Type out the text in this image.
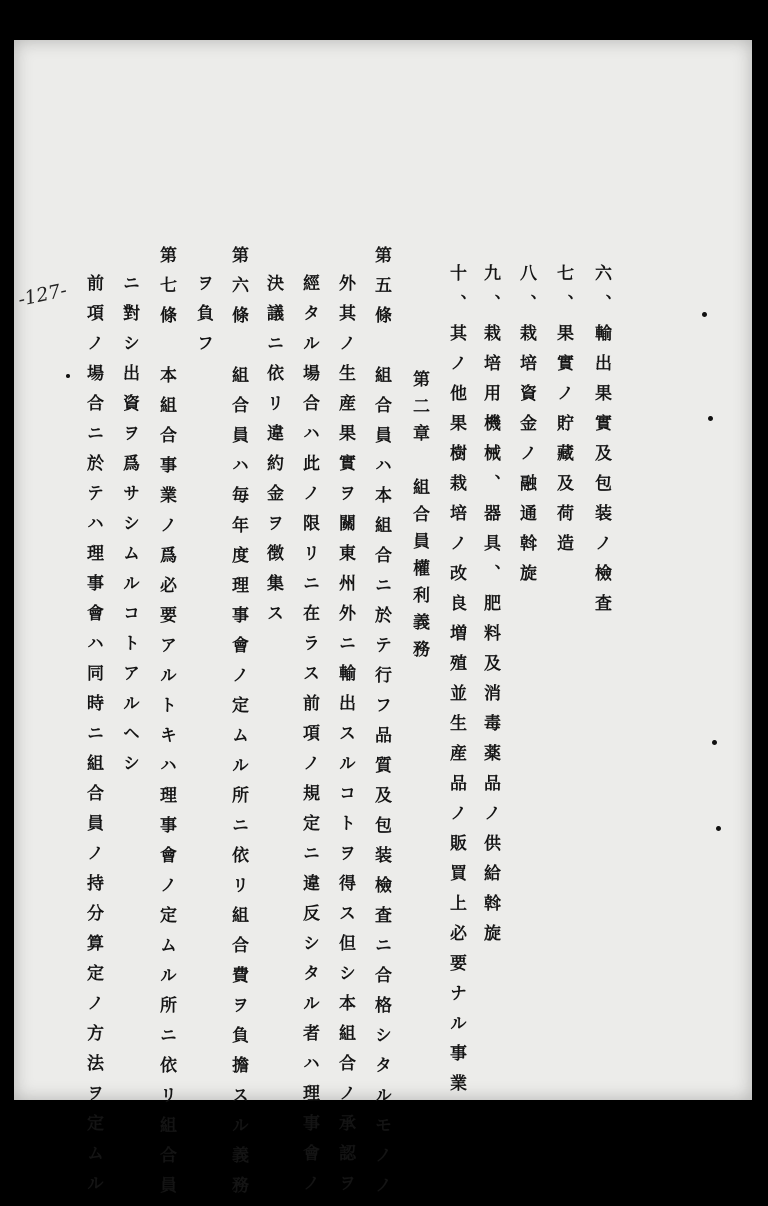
-127-	六、輸出果實及包装ノ檢査
七、果實ノ貯藏及荷造
八、栽培資金ノ融通斡旋
九、栽培用機械、器具、肥料及消毒薬品ノ供給斡旋
十、其ノ他果樹栽培ノ改良増殖並生産品ノ販買上必要ナル事業
第二章　組合員權利義務
第五條　組合員ハ本組合ニ於テ行フ品質及包装檢査ニ合格シタルモノノ
外其ノ生産果實ヲ關東州外ニ輸出スルコトヲ得ス但シ本組合ノ承認ヲ
經タル場合ハ此ノ限リニ在ラス前項ノ規定ニ違反シタル者ハ理事會ノ
決議ニ依リ違約金ヲ徴集ス
第六條　組合員ハ毎年度理事會ノ定ムル所ニ依リ組合費ヲ負擔スル義務
ヲ負フ
第七條　本組合事業ノ爲必要アルトキハ理事會ノ定ムル所ニ依リ組合員
ニ對シ出資ヲ爲サシムルコトアルヘシ
前項ノ場合ニ於テハ理事會ハ同時ニ組合員ノ持分算定ノ方法ヲ定ムル
